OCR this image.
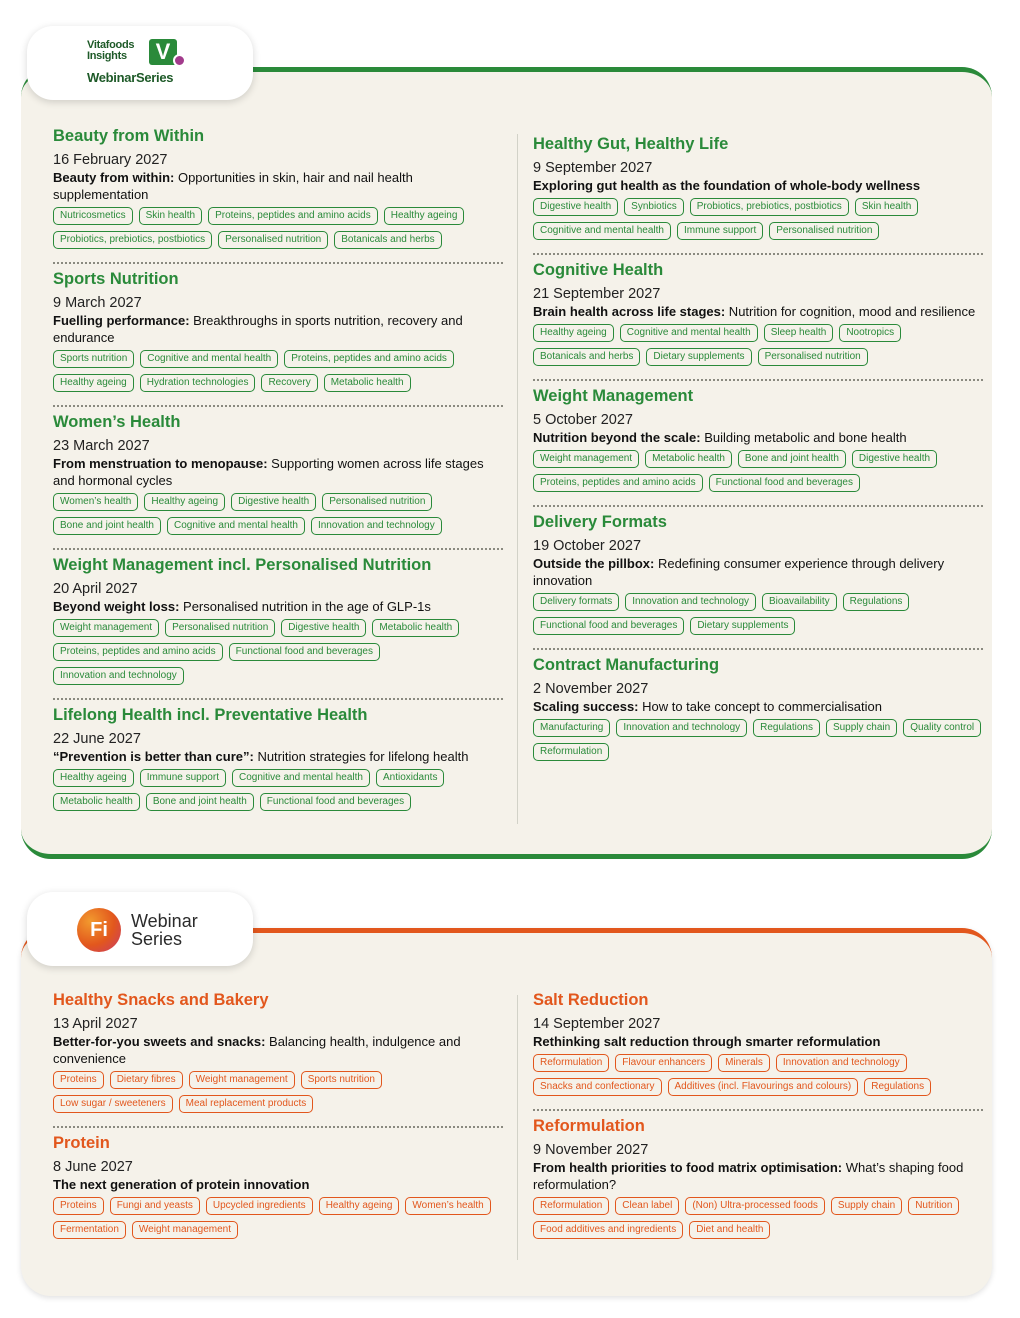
Vitafoods
Insights	V
WebinarSeries
Beauty from Within
16 February 2027
Beauty from within: Opportunities in skin, hair and nail health supplementation
Nutricosmetics	Skin health	Proteins, peptides and amino acids	Healthy ageing
Probiotics, prebiotics, postbiotics	Personalised nutrition	Botanicals and herbs
Sports Nutrition
9 March 2027
Fuelling performance: Breakthroughs in sports nutrition, recovery and endurance
Sports nutrition	Cognitive and mental health	Proteins, peptides and amino acids
Healthy ageing	Hydration technologies	Recovery	Metabolic health
Women’s Health
23 March 2027
From menstruation to menopause: Supporting women across life stages and hormonal cycles
Women’s health	Healthy ageing	Digestive health	Personalised nutrition
Bone and joint health	Cognitive and mental health	Innovation and technology
Weight Management incl. Personalised Nutrition
20 April 2027
Beyond weight loss: Personalised nutrition in the age of GLP-1s
Weight management	Personalised nutrition	Digestive health	Metabolic health
Proteins, peptides and amino acids	Functional food and beverages
Innovation and technology
Lifelong Health incl. Preventative Health
22 June 2027
“Prevention is better than cure”: Nutrition strategies for lifelong health
Healthy ageing	Immune support	Cognitive and mental health	Antioxidants
Metabolic health	Bone and joint health	Functional food and beverages
Healthy Gut, Healthy Life
9 September 2027
Exploring gut health as the foundation of whole-body wellness
Digestive health	Synbiotics	Probiotics, prebiotics, postbiotics	Skin health
Cognitive and mental health	Immune support	Personalised nutrition
Cognitive Health
21 September 2027
Brain health across life stages: Nutrition for cognition, mood and resilience
Healthy ageing	Cognitive and mental health	Sleep health	Nootropics
Botanicals and herbs	Dietary supplements	Personalised nutrition
Weight Management
5 October 2027
Nutrition beyond the scale: Building metabolic and bone health
Weight management	Metabolic health	Bone and joint health	Digestive health
Proteins, peptides and amino acids	Functional food and beverages
Delivery Formats
19 October 2027
Outside the pillbox: Redefining consumer experience through delivery innovation
Delivery formats	Innovation and technology	Bioavailability	Regulations
Functional food and beverages	Dietary supplements
Contract Manufacturing
2 November 2027
Scaling success: How to take concept to commercialisation
Manufacturing	Innovation and technology	Regulations	Supply chain	Quality control
Reformulation
Fi	Webinar
Series
Healthy Snacks and Bakery
13 April 2027
Better-for-you sweets and snacks: Balancing health, indulgence and convenience
Proteins	Dietary fibres	Weight management	Sports nutrition
Low sugar / sweeteners	Meal replacement products
Protein
8 June 2027
The next generation of protein innovation
Proteins	Fungi and yeasts	Upcycled ingredients	Healthy ageing	Women’s health
Fermentation	Weight management
Salt Reduction
14 September 2027
Rethinking salt reduction through smarter reformulation
Reformulation	Flavour enhancers	Minerals	Innovation and technology
Snacks and confectionary	Additives (incl. Flavourings and colours)	Regulations
Reformulation
9 November 2027
From health priorities to food matrix optimisation: What’s shaping food reformulation?
Reformulation	Clean label	(Non) Ultra-processed foods	Supply chain	Nutrition
Food additives and ingredients	Diet and health
